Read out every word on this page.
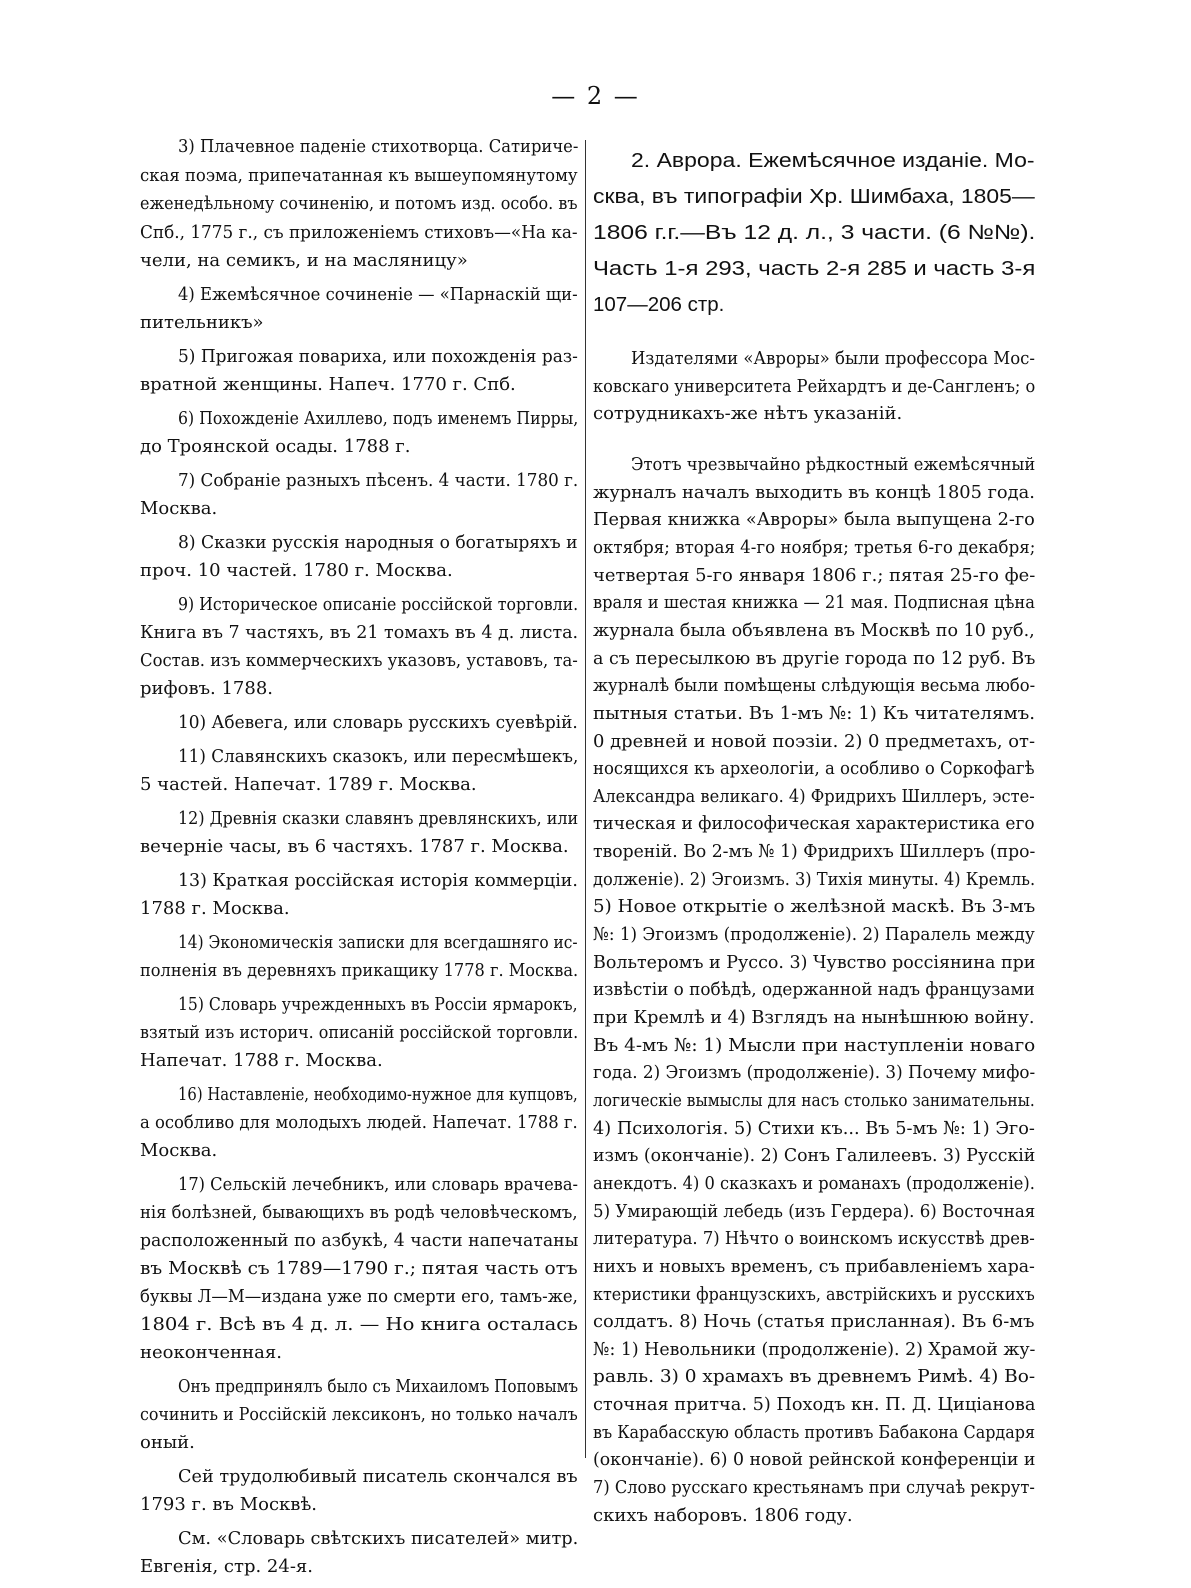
— 2 —
3) Плачевное паденіе стихотворца. Сатириче-
ская поэма, припечатанная къ вышеупомянутому
еженедѣльному сочиненію, и потомъ изд. особо. въ
Спб., 1775 г., съ приложеніемъ стиховъ—«На ка-
чели, на семикъ, и на масляницу»
4) Ежемѣсячное сочиненіе — «Парнаскій щи-
пительникъ»
5) Пригожая повариха, или похожденія раз-
вратной женщины. Напеч. 1770 г. Спб.
6) Похожденіе Ахиллево, подъ именемъ Пирры,
до Троянской осады. 1788 г.
7) Собраніе разныхъ пѣсенъ. 4 части. 1780 г.
Москва.
8) Сказки русскія народныя о богатыряхъ и
проч. 10 частей. 1780 г. Москва.
9) Историческое описаніе россійской торговли.
Книга въ 7 частяхъ, въ 21 томахъ въ 4 д. листа.
Состав. изъ коммерческихъ указовъ, уставовъ, та-
рифовъ. 1788.
10) Абевега, или словарь русскихъ суевѣрій.
11) Славянскихъ сказокъ, или пересмѣшекъ,
5 частей. Напечат. 1789 г. Москва.
12) Древнія сказки славянъ древлянскихъ, или
вечерніе часы, въ 6 частяхъ. 1787 г. Москва.
13) Краткая россійская исторія коммерціи.
1788 г. Москва.
14) Экономическія записки для всегдашняго ис-
полненія въ деревняхъ прикащику 1778 г. Москва.
15) Словарь учрежденныхъ въ Россіи ярмарокъ,
взятый изъ историч. описаній россійской торговли.
Напечат. 1788 г. Москва.
16) Наставленіе, необходимо-нужное для купцовъ,
а особливо для молодыхъ людей. Напечат. 1788 г.
Москва.
17) Сельскій лечебникъ, или словарь врачева-
нія болѣзней, бывающихъ въ родѣ человѣческомъ,
расположенный по азбукѣ, 4 части напечатаны
въ Москвѣ съ 1789—1790 г.; пятая часть отъ
буквы Л—М—издана уже по смерти его, тамъ-же,
1804 г. Всѣ въ 4 д. л. — Но книга осталась
неоконченная.
Онъ предпринялъ было съ Михаиломъ Поповымъ
сочинить и Россійскій лексиконъ, но только началъ
оный.
Сей трудолюбивый писатель скончался въ
1793 г. въ Москвѣ.
См. «Словарь свѣтскихъ писателей» митр.
Евгенія, стр. 24-я.
2. Аврора. Ежемѣсячное изданіе. Мо-
сква, въ типографіи Хр. Шимбаха, 1805—
1806 г.г.—Въ 12 д. л., 3 части. (6 №№).
Часть 1-я 293, часть 2-я 285 и часть 3-я
107—206 стр.
Издателями «Авроры» были профессора Мос-
ковскаго университета Рейхардтъ и де-Сангленъ; о
сотрудникахъ-же нѣтъ указаній.
Этотъ чрезвычайно рѣдкостный ежемѣсячный
журналъ началъ выходить въ концѣ 1805 года.
Первая книжка «Авроры» была выпущена 2-го
октября; вторая 4-го ноября; третья 6-го декабря;
четвертая 5-го января 1806 г.; пятая 25-го фе-
враля и шестая книжка — 21 мая. Подписная цѣна
журнала была объявлена въ Москвѣ по 10 руб.,
а съ пересылкою въ другіе города по 12 руб. Въ
журналѣ были помѣщены слѣдующія весьма любо-
пытныя статьи. Въ 1-мъ №: 1) Къ читателямъ.
0 древней и новой поэзіи. 2) 0 предметахъ, от-
носящихся къ археологіи, а особливо о Соркофагѣ
Александра великаго. 4) Фридрихъ Шиллеръ, эсте-
тическая и философическая характеристика его
твореній. Во 2-мъ № 1) Фридрихъ Шиллеръ (про-
долженіе). 2) Эгоизмъ. 3) Тихія минуты. 4) Кремль.
5) Новое открытіе о желѣзной маскѣ. Въ 3-мъ
№: 1) Эгоизмъ (продолженіе). 2) Паралель между
Вольтеромъ и Руссо. 3) Чувство россіянина при
извѣстіи о побѣдѣ, одержанной надъ французами
при Кремлѣ и 4) Взглядъ на нынѣшнюю войну.
Въ 4-мъ №: 1) Мысли при наступленіи новаго
года. 2) Эгоизмъ (продолженіе). 3) Почему мифо-
логическіе вымыслы для насъ столько занимательны.
4) Психологія. 5) Стихи къ... Въ 5-мъ №: 1) Эго-
измъ (окончаніе). 2) Сонъ Галилеевъ. 3) Русскій
анекдотъ. 4) 0 сказкахъ и романахъ (продолженіе).
5) Умирающій лебедь (изъ Гердера). 6) Восточная
литература. 7) Нѣчто о воинскомъ искусствѣ древ-
нихъ и новыхъ временъ, съ прибавленіемъ хара-
ктеристики французскихъ, австрійскихъ и русскихъ
солдатъ. 8) Ночь (статья присланная). Въ 6-мъ
№: 1) Невольники (продолженіе). 2) Храмой жу-
равль. 3) 0 храмахъ въ древнемъ Римѣ. 4) Во-
сточная притча. 5) Походъ кн. П. Д. Циціанова
въ Карабасскую область противъ Бабакона Сардаря
(окончаніе). 6) 0 новой рейнской конференціи и
7) Слово русскаго крестьянамъ при случаѣ рекрут-
скихъ наборовъ. 1806 году.
